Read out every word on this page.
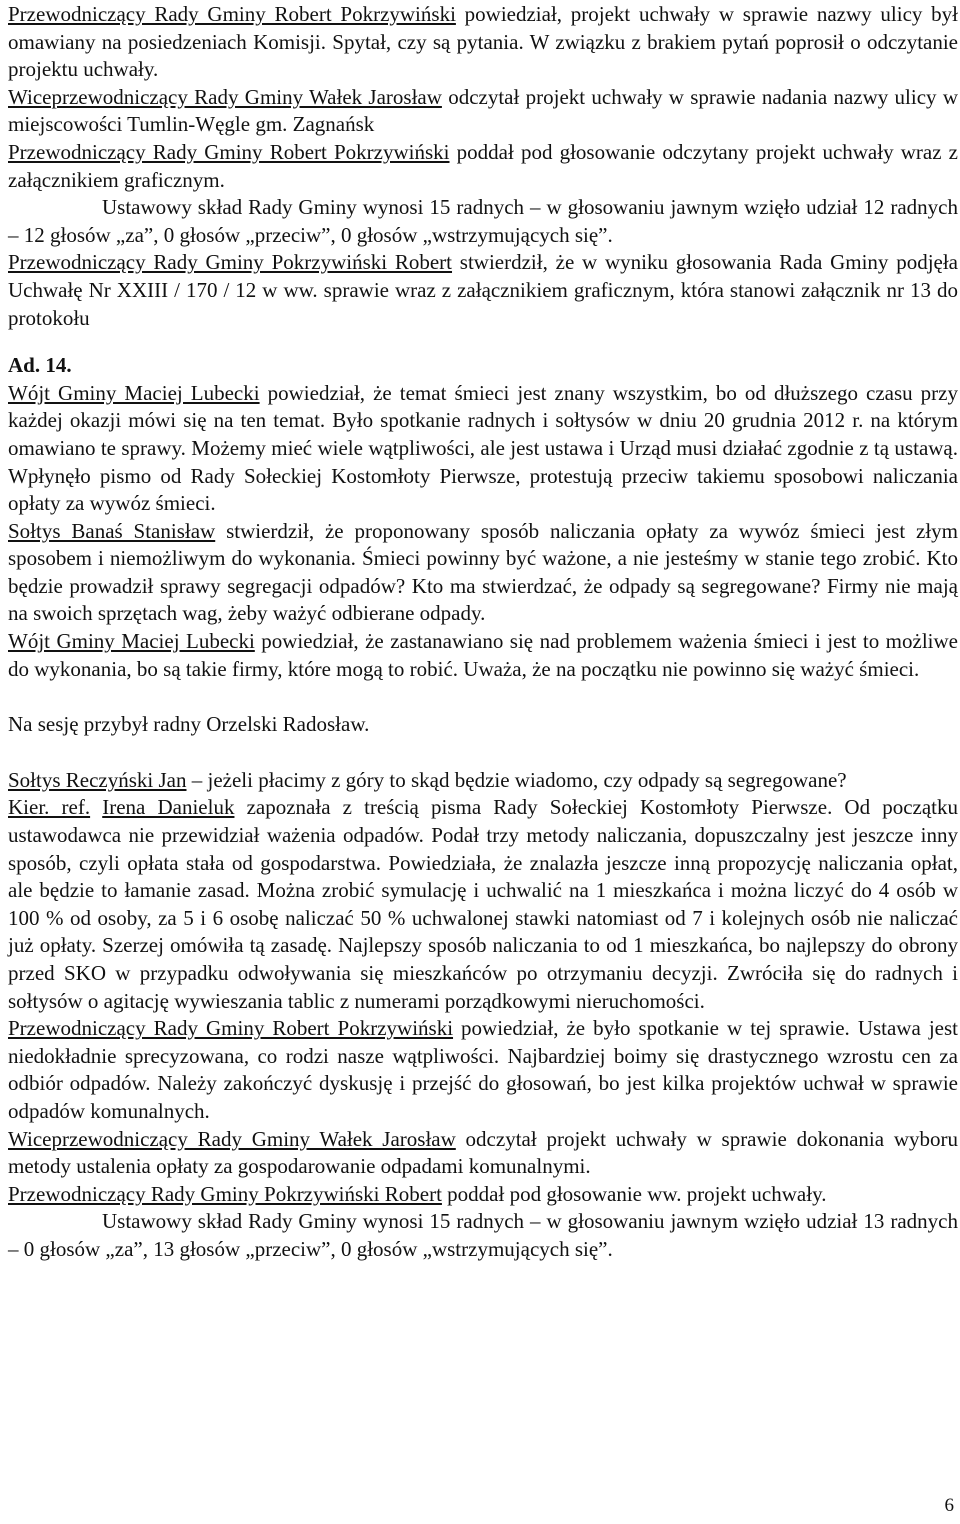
Przewodniczący Rady Gminy Robert Pokrzywiński powiedział, projekt uchwały w sprawie nazwy ulicy był omawiany na posiedzeniach Komisji. Spytał, czy są pytania. W związku z brakiem pytań poprosił o odczytanie projektu uchwały.

Wiceprzewodniczący Rady Gminy Wałek Jarosław odczytał projekt uchwały w sprawie nadania nazwy ulicy w miejscowości Tumlin-Węgle gm. Zagnańsk

Przewodniczący Rady Gminy Robert Pokrzywiński poddał pod głosowanie odczytany projekt uchwały wraz z załącznikiem graficznym.

Ustawowy skład Rady Gminy wynosi 15 radnych – w głosowaniu jawnym wzięło udział 12 radnych – 12 głosów „za”, 0 głosów „przeciw”, 0 głosów „wstrzymujących się”.

Przewodniczący Rady Gminy Pokrzywiński Robert stwierdził, że w wyniku głosowania Rada Gminy podjęła Uchwałę Nr XXIII / 170 / 12 w ww. sprawie wraz z załącznikiem graficznym, która stanowi załącznik nr 13 do protokołu

Ad. 14.

Wójt Gminy Maciej Lubecki powiedział, że temat śmieci jest znany wszystkim, bo od dłuższego czasu przy każdej okazji mówi się na ten temat. Było spotkanie radnych i sołtysów w dniu 20 grudnia 2012 r. na którym omawiano te sprawy. Możemy mieć wiele wątpliwości, ale jest ustawa i Urząd musi działać zgodnie z tą ustawą. Wpłynęło pismo od Rady Sołeckiej Kostomłoty Pierwsze, protestują przeciw takiemu sposobowi naliczania opłaty za wywóz śmieci.

Sołtys Banaś Stanisław stwierdził, że proponowany sposób naliczania opłaty za wywóz śmieci jest złym sposobem i niemożliwym do wykonania. Śmieci powinny być ważone, a nie jesteśmy w stanie tego zrobić. Kto będzie prowadził sprawy segregacji odpadów? Kto ma stwierdzać, że odpady są segregowane? Firmy nie mają na swoich sprzętach wag, żeby ważyć odbierane odpady.

Wójt Gminy Maciej Lubecki powiedział, że zastanawiano się nad problemem ważenia śmieci i jest to możliwe do wykonania, bo są takie firmy, które mogą to robić. Uważa, że na początku nie powinno się ważyć śmieci.

Na sesję przybył radny Orzelski Radosław.

Sołtys Reczyński Jan – jeżeli płacimy z góry to skąd będzie wiadomo, czy odpady są segregowane?

Kier. ref. Irena Danieluk zapoznała z treścią pisma Rady Sołeckiej Kostomłoty Pierwsze. Od początku ustawodawca nie przewidział ważenia odpadów. Podał trzy metody naliczania, dopuszczalny jest jeszcze inny sposób, czyli opłata stała od gospodarstwa. Powiedziała, że znalazła jeszcze inną propozycję naliczania opłat, ale będzie to łamanie zasad. Można zrobić symulację i uchwalić na 1 mieszkańca i można liczyć do 4 osób w 100 % od osoby, za 5 i 6 osobę naliczać 50 % uchwalonej stawki natomiast od 7 i kolejnych osób nie naliczać już opłaty. Szerzej omówiła tą zasadę. Najlepszy sposób naliczania to od 1 mieszkańca, bo najlepszy do obrony przed SKO w przypadku odwoływania się mieszkańców po otrzymaniu decyzji. Zwróciła się do radnych i sołtysów o agitację wywieszania tablic z numerami porządkowymi nieruchomości.

Przewodniczący Rady Gminy Robert Pokrzywiński powiedział, że było spotkanie w tej sprawie. Ustawa jest niedokładnie sprecyzowana, co rodzi nasze wątpliwości. Najbardziej boimy się drastycznego wzrostu cen za odbiór odpadów. Należy zakończyć dyskusję i przejść do głosowań, bo jest kilka projektów uchwał w sprawie odpadów komunalnych.

Wiceprzewodniczący Rady Gminy Wałek Jarosław odczytał projekt uchwały w sprawie dokonania wyboru metody ustalenia opłaty za gospodarowanie odpadami komunalnymi.

Przewodniczący Rady Gminy Pokrzywiński Robert poddał pod głosowanie ww. projekt uchwały.

Ustawowy skład Rady Gminy wynosi 15 radnych – w głosowaniu jawnym wzięło udział 13 radnych – 0 głosów „za”, 13 głosów „przeciw”, 0 głosów „wstrzymujących się”.

6
